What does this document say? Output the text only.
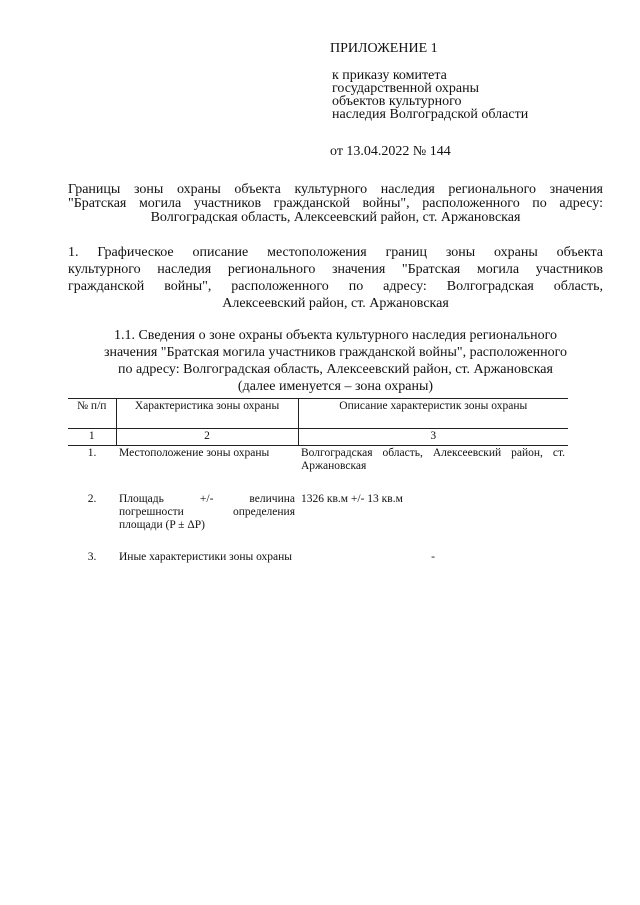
ПРИЛОЖЕНИЕ 1
к приказу комитета
государственной охраны
объектов культурного
наследия Волгоградской области
от 13.04.2022 № 144
Границы зоны охраны объекта культурного наследия регионального значения
"Братская могила участников гражданской войны", расположенного по адресу:
Волгоградская область, Алексеевский район, ст. Аржановская
1. Графическое описание местоположения границ зоны охраны объекта
культурного наследия регионального значения "Братская могила участников
гражданской войны", расположенного по адресу: Волгоградская область,
Алексеевский район, ст. Аржановская
1.1. Сведения о зоне охраны объекта культурного наследия регионального
значения "Братская могила участников гражданской войны", расположенного
по адресу: Волгоградская область, Алексеевский район, ст. Аржановская
(далее именуется – зона охраны)
№ п/п	Характеристика зоны охраны	Описание характеристик зоны охраны
1	2	3
1.	Местоположение зоны охраны	Волгоградская область, Алексеевский район, ст. Аржановская
2.	Площадь +/- величина погрешности определения площади (P ± ΔP)	1326 кв.м +/- 13 кв.м
3.	Иные характеристики зоны охраны	-
